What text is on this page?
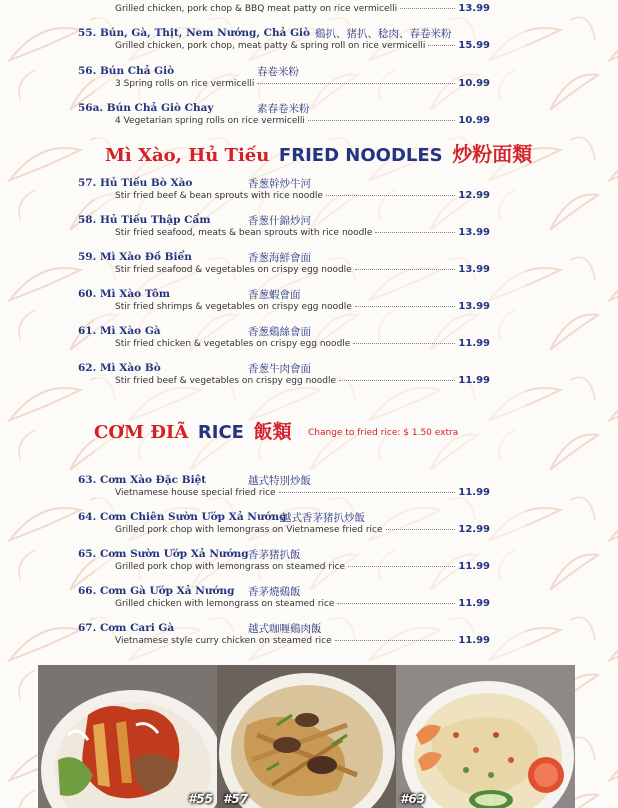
Grilled chicken, pork chop & BBQ meat patty on rice vermicelli	13.99
55. Bún, Gà, Thịt, Nem Nướng, Chả Giò 鷄扒、猪扒、稔肉、春卷米粉
Grilled chicken, pork chop, meat patty & spring roll on rice vermicelli	15.99
56. Bún Chả Giò	春卷米粉
3 Spring rolls on rice vermicelli	10.99
56a. Bún Chả Giò Chay	素春卷米粉
4 Vegetarian spring rolls on rice vermicelli	10.99
Mì Xào, Hủ Tiếu FRIED NOODLES 炒粉面類
57. Hủ Tiếu Bò Xào	香葱幹炒牛河
Stir fried beef & bean sprouts with rice noodle	12.99
58. Hủ Tiếu Thập Cẩm	香葱什錦炒河
Stir fried seafood, meats & bean sprouts with rice noodle	13.99
59. Mì Xào Đồ Biển	香葱海鮮會面
Stir fried seafood & vegetables on crispy egg noodle	13.99
60. Mì Xào Tôm	香葱蝦會面
Stir fried shrimps & vegetables on crispy egg noodle	13.99
61. Mì Xào Gà	香葱鷄絲會面
Stir fried chicken & vegetables on crispy egg noodle	11.99
62. Mì Xào Bò	香葱牛肉會面
Stir fried beef & vegetables on crispy egg noodle	11.99
CƠM ĐIÃ RICE 飯類 Change to fried rice: $ 1.50 extra
63. Cơm Xào Đặc Biệt	越式特別炒飯
Vietnamese house special fried rice	11.99
64. Cơm Chiên Sườn Ướp Xả Nướng
越式香茅猪扒炒飯
Grilled pork chop with lemongrass on Vietnamese fried rice	12.99
65. Cơm Sườn Ướp Xả Nướng 香茅猪扒飯
Grilled pork chop with lemongrass on steamed rice	11.99
66. Cơm Gà Ướp Xả Nướng 香茅燒鷄飯
Grilled chicken with lemongrass on steamed rice	11.99
67. Cơm Cari Gà	越式咖喱鷄肉飯
Vietnamese style curry chicken on steamed rice	11.99
#55 #57	#63
